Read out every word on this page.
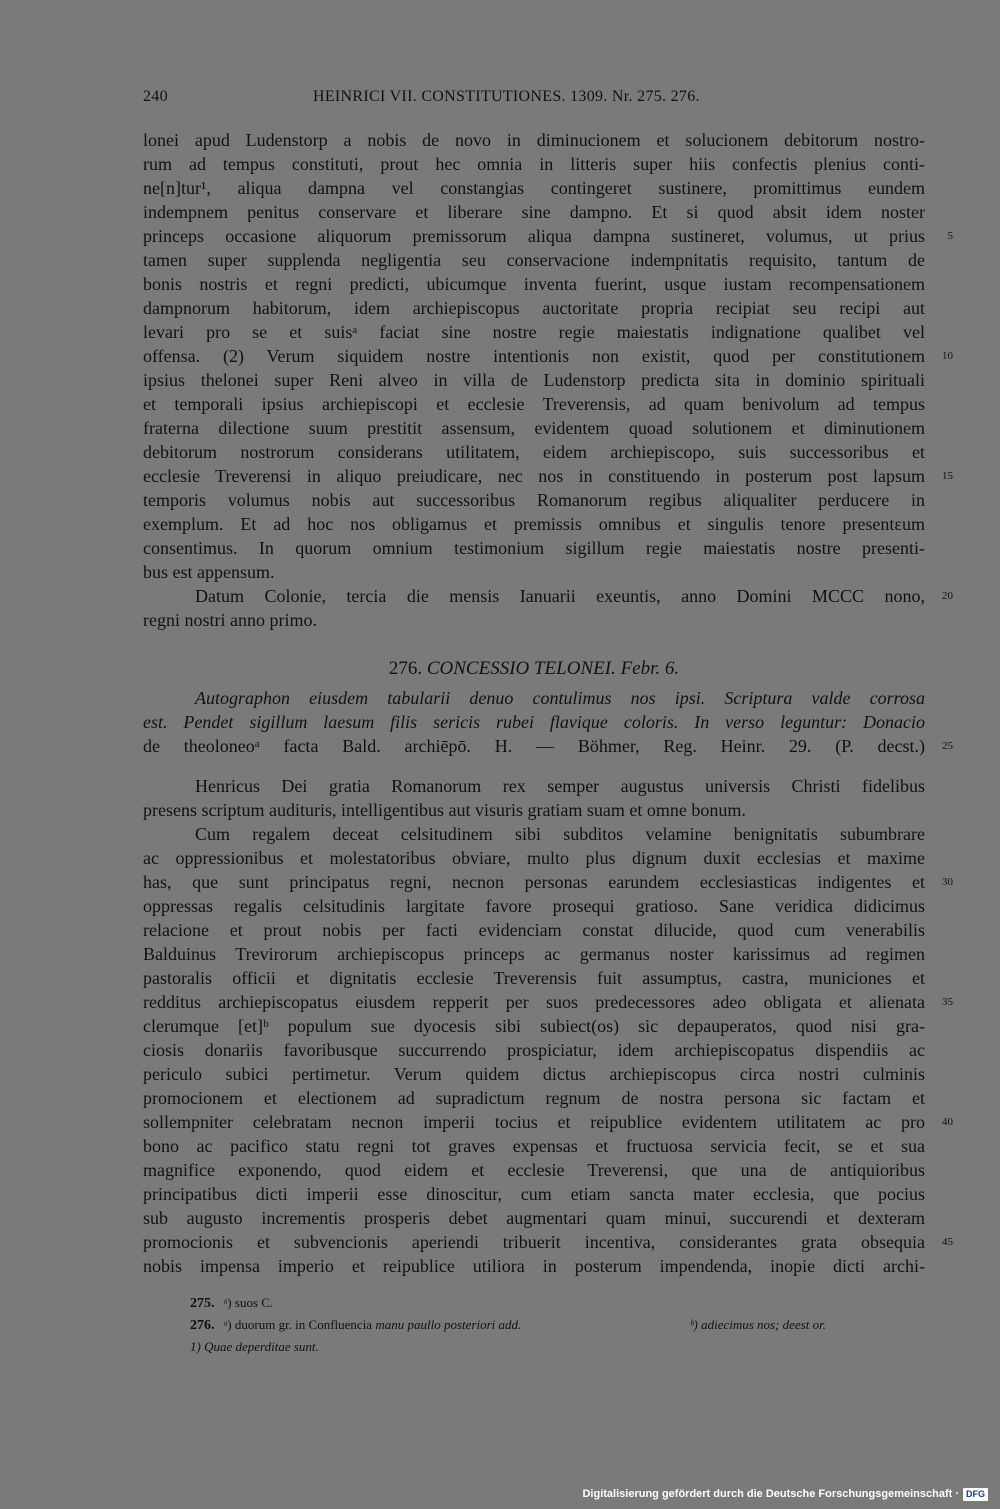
240	HEINRICI VII. CONSTITUTIONES. 1309. Nr. 275. 276.
lonei apud Ludenstorp a nobis de novo in diminucionem et solucionem debitorum nostro-
rum ad tempus constituti, prout hec omnia in litteris super hiis confectis plenius conti-
ne[n]tur¹, aliqua dampna vel constangias contingeret sustinere, promittimus eundem
indempnem penitus conservare et liberare sine dampno. Et si quod absit idem noster
princeps occasione aliquorum premissorum aliqua dampna sustineret, volumus, ut prius 5
tamen super supplenda negligentia seu conservacione indempnitatis requisito, tantum de
bonis nostris et regni predicti, ubicumque inventa fuerint, usque iustam recompensationem
dampnorum habitorum, idem archiepiscopus auctoritate propria recipiat seu recipi aut
levari pro se et suisᵃ faciat sine nostre regie maiestatis indignatione qualibet vel
offensa. (2) Verum siquidem nostre intentionis non existit, quod per constitutionem 10
ipsius thelonei super Reni alveo in villa de Ludenstorp predicta sita in dominio spirituali
et temporali ipsius archiepiscopi et ecclesie Treverensis, ad quam benivolum ad tempus
fraterna dilectione suum prestitit assensum, evidentem quoad solutionem et diminutionem
debitorum nostrorum considerans utilitatem, eidem archiepiscopo, suis successoribus et
ecclesie Treverensi in aliquo preiudicare, nec nos in constituendo in posterum post lapsum 15
temporis volumus nobis aut successoribus Romanorum regibus aliqualiter perducere in
exemplum. Et ad hoc nos obligamus et premissis omnibus et singulis tenore presentεum
consentimus. In quorum omnium testimonium sigillum regie maiestatis nostre presenti-
bus est appensum.
Datum Colonie, tercia die mensis Ianuarii exeuntis, anno Domini MCCC nono, 20
regni nostri anno primo.
276. CONCESSIO TELONEI. Febr. 6.
Autographon eiusdem tabularii denuo contulimus nos ipsi. Scriptura valde corrosa
est. Pendet sigillum laesum filis sericis rubei flavique coloris. In verso leguntur: Donacio
de theoloneoᵃ facta Bald. archiēpō. H. — Böhmer, Reg. Heinr. 29. (P. decst.) 25
Henricus Dei gratia Romanorum rex semper augustus universis Christi fidelibus
presens scriptum audituris, intelligentibus aut visuris gratiam suam et omne bonum.
Cum regalem deceat celsitudinem sibi subditos velamine benignitatis subumbrare
ac oppressionibus et molestatoribus obviare, multo plus dignum duxit ecclesias et maxime
has, que sunt principatus regni, necnon personas earundem ecclesiasticas indigentes et 30
oppressas regalis celsitudinis largitate favore prosequi gratioso. Sane veridica didicimus
relacione et prout nobis per facti evidenciam constat dilucide, quod cum venerabilis
Balduinus Trevirorum archiepiscopus princeps ac germanus noster karissimus ad regimen
pastoralis officii et dignitatis ecclesie Treverensis fuit assumptus, castra, municiones et
redditus archiepiscopatus eiusdem repperit per suos predecessores adeo obligata et alienata 35
clerumque [et]ᵇ populum sue dyocesis sibi subiect(os) sic depauperatos, quod nisi gra-
ciosis donariis favoribusque succurrendo prospiciatur, idem archiepiscopatus dispendiis ac
periculo subici pertimetur. Verum quidem dictus archiepiscopus circa nostri culminis
promocionem et electionem ad supradictum regnum de nostra persona sic factam et
sollempniter celebratam necnon imperii tocius et reipublice evidentem utilitatem ac pro 40
bono ac pacifico statu regni tot graves expensas et fructuosa servicia fecit, se et sua
magnifice exponendo, quod eidem et ecclesie Treverensi, que una de antiquioribus
principatibus dicti imperii esse dinoscitur, cum etiam sancta mater ecclesia, que pocius
sub augusto incrementis prosperis debet augmentari quam minui, succurendi et dexteram
promocionis et subvencionis aperiendi tribuerit incentiva, considerantes grata obsequia 45
nobis impensa imperio et reipublice utiliora in posterum impendenda, inopie dicti archi-
275. ᵃ) suos C.
276. ᵃ) duorum gr. in Confluencia manu paullo posteriori add.	ᵇ) adiecimus nos; deest or.
1) Quae deperditae sunt.
Digitalisierung gefördert durch die Deutsche Forschungsgemeinschaft · DFG
